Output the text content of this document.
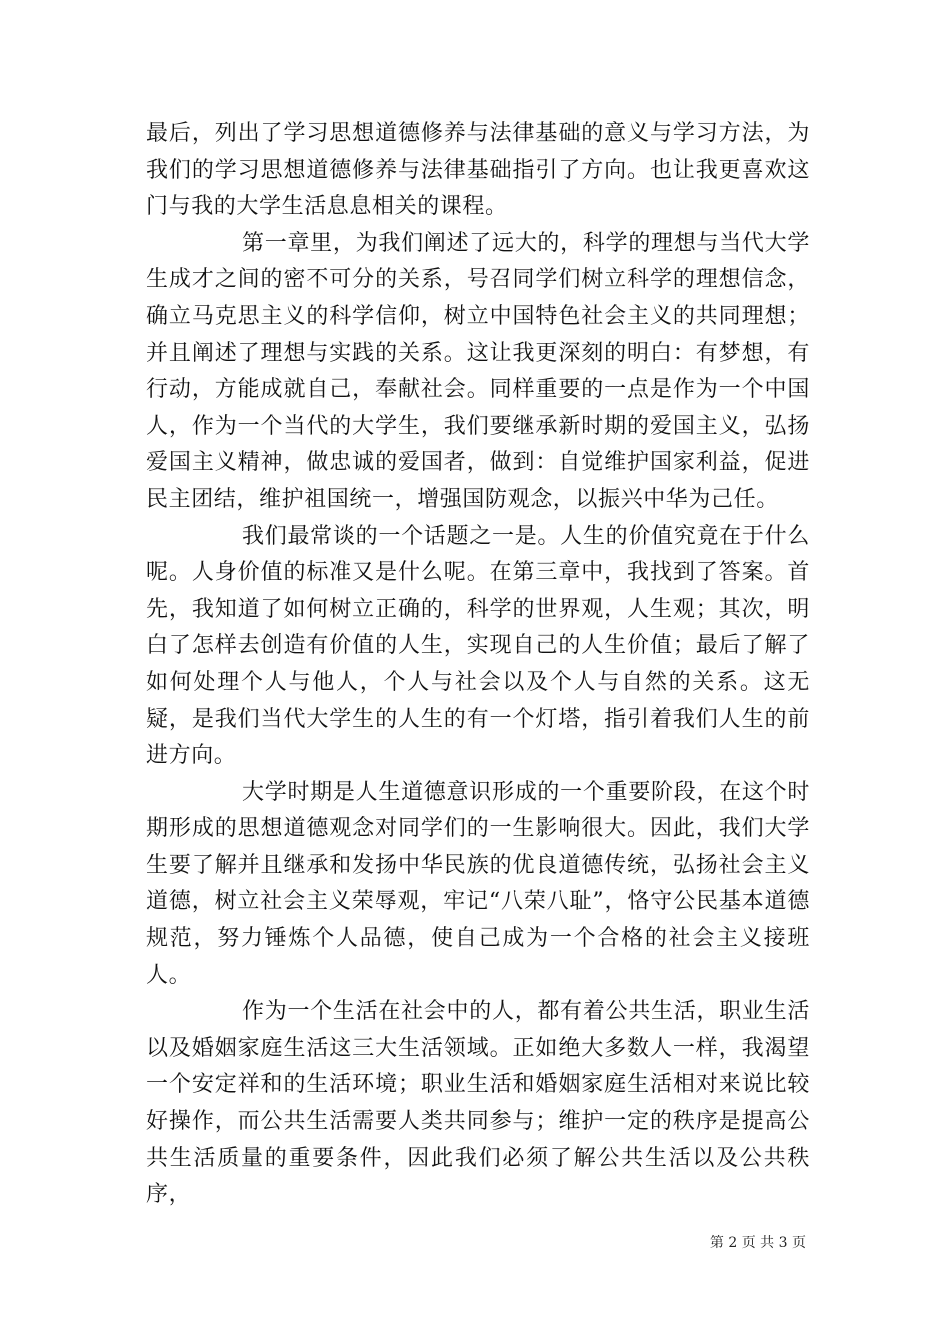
最后，列出了学习思想道德修养与法律基础的意义与学习方法，为我们的学习思想道德修养与法律基础指引了方向。也让我更喜欢这门与我的大学生活息息相关的课程。

第一章里，为我们阐述了远大的，科学的理想与当代大学生成才之间的密不可分的关系，号召同学们树立科学的理想信念，确立马克思主义的科学信仰，树立中国特色社会主义的共同理想；并且阐述了理想与实践的关系。这让我更深刻的明白：有梦想，有行动，方能成就自己，奉献社会。同样重要的一点是作为一个中国人，作为一个当代的大学生，我们要继承新时期的爱国主义，弘扬爱国主义精神，做忠诚的爱国者，做到：自觉维护国家利益，促进民主团结，维护祖国统一，增强国防观念，以振兴中华为己任。

我们最常谈的一个话题之一是。人生的价值究竟在于什么呢。人身价值的标准又是什么呢。在第三章中，我找到了答案。首先，我知道了如何树立正确的，科学的世界观，人生观；其次，明白了怎样去创造有价值的人生，实现自己的人生价值；最后了解了如何处理个人与他人，个人与社会以及个人与自然的关系。这无疑，是我们当代大学生的人生的有一个灯塔，指引着我们人生的前进方向。

大学时期是人生道德意识形成的一个重要阶段，在这个时期形成的思想道德观念对同学们的一生影响很大。因此，我们大学生要了解并且继承和发扬中华民族的优良道德传统，弘扬社会主义道德，树立社会主义荣辱观，牢记“八荣八耻”，恪守公民基本道德规范，努力锤炼个人品德，使自己成为一个合格的社会主义接班人。

作为一个生活在社会中的人，都有着公共生活，职业生活以及婚姻家庭生活这三大生活领域。正如绝大多数人一样，我渴望一个安定祥和的生活环境；职业生活和婚姻家庭生活相对来说比较好操作，而公共生活需要人类共同参与；维护一定的秩序是提高公共生活质量的重要条件，因此我们必须了解公共生活以及公共秩序，

第 2 页 共 3 页
